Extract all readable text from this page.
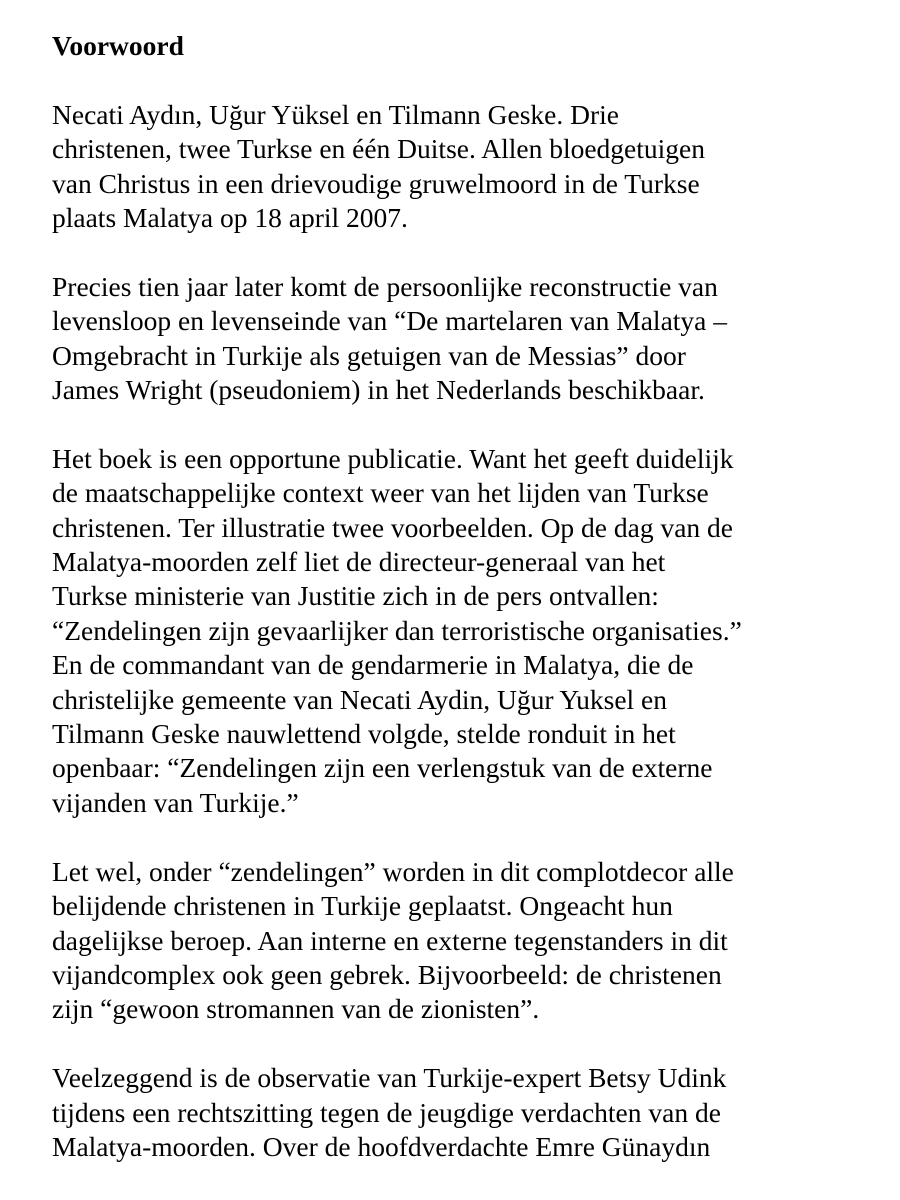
Voorwoord
Necati Aydın, Uğur Yüksel en Tilmann Geske. Drie
christenen, twee Turkse en één Duitse. Allen bloedgetuigen
van Christus in een drievoudige gruwelmoord in de Turkse
plaats Malatya op 18 april 2007.
Precies tien jaar later komt de persoonlijke reconstructie van
levensloop en levenseinde van “De martelaren van Malatya –
Omgebracht in Turkije als getuigen van de Messias” door
James Wright (pseudoniem) in het Nederlands beschikbaar.
Het boek is een opportune publicatie. Want het geeft duidelijk
de maatschappelijke context weer van het lijden van Turkse
christenen. Ter illustratie twee voorbeelden. Op de dag van de
Malatya-moorden zelf liet de directeur-generaal van het
Turkse ministerie van Justitie zich in de pers ontvallen:
“Zendelingen zijn gevaarlijker dan terroristische organisaties.”
En de commandant van de gendarmerie in Malatya, die de
christelijke gemeente van Necati Aydin, Uğur Yuksel en
Tilmann Geske nauwlettend volgde, stelde ronduit in het
openbaar: “Zendelingen zijn een verlengstuk van de externe
vijanden van Turkije.”
Let wel, onder “zendelingen” worden in dit complotdecor alle
belijdende christenen in Turkije geplaatst. Ongeacht hun
dagelijkse beroep. Aan interne en externe tegenstanders in dit
vijandcomplex ook geen gebrek. Bijvoorbeeld: de christenen
zijn “gewoon stromannen van de zionisten”.
Veelzeggend is de observatie van Turkije-expert Betsy Udink
tijdens een rechtszitting tegen de jeugdige verdachten van de
Malatya-moorden. Over de hoofdverdachte Emre Günaydın
